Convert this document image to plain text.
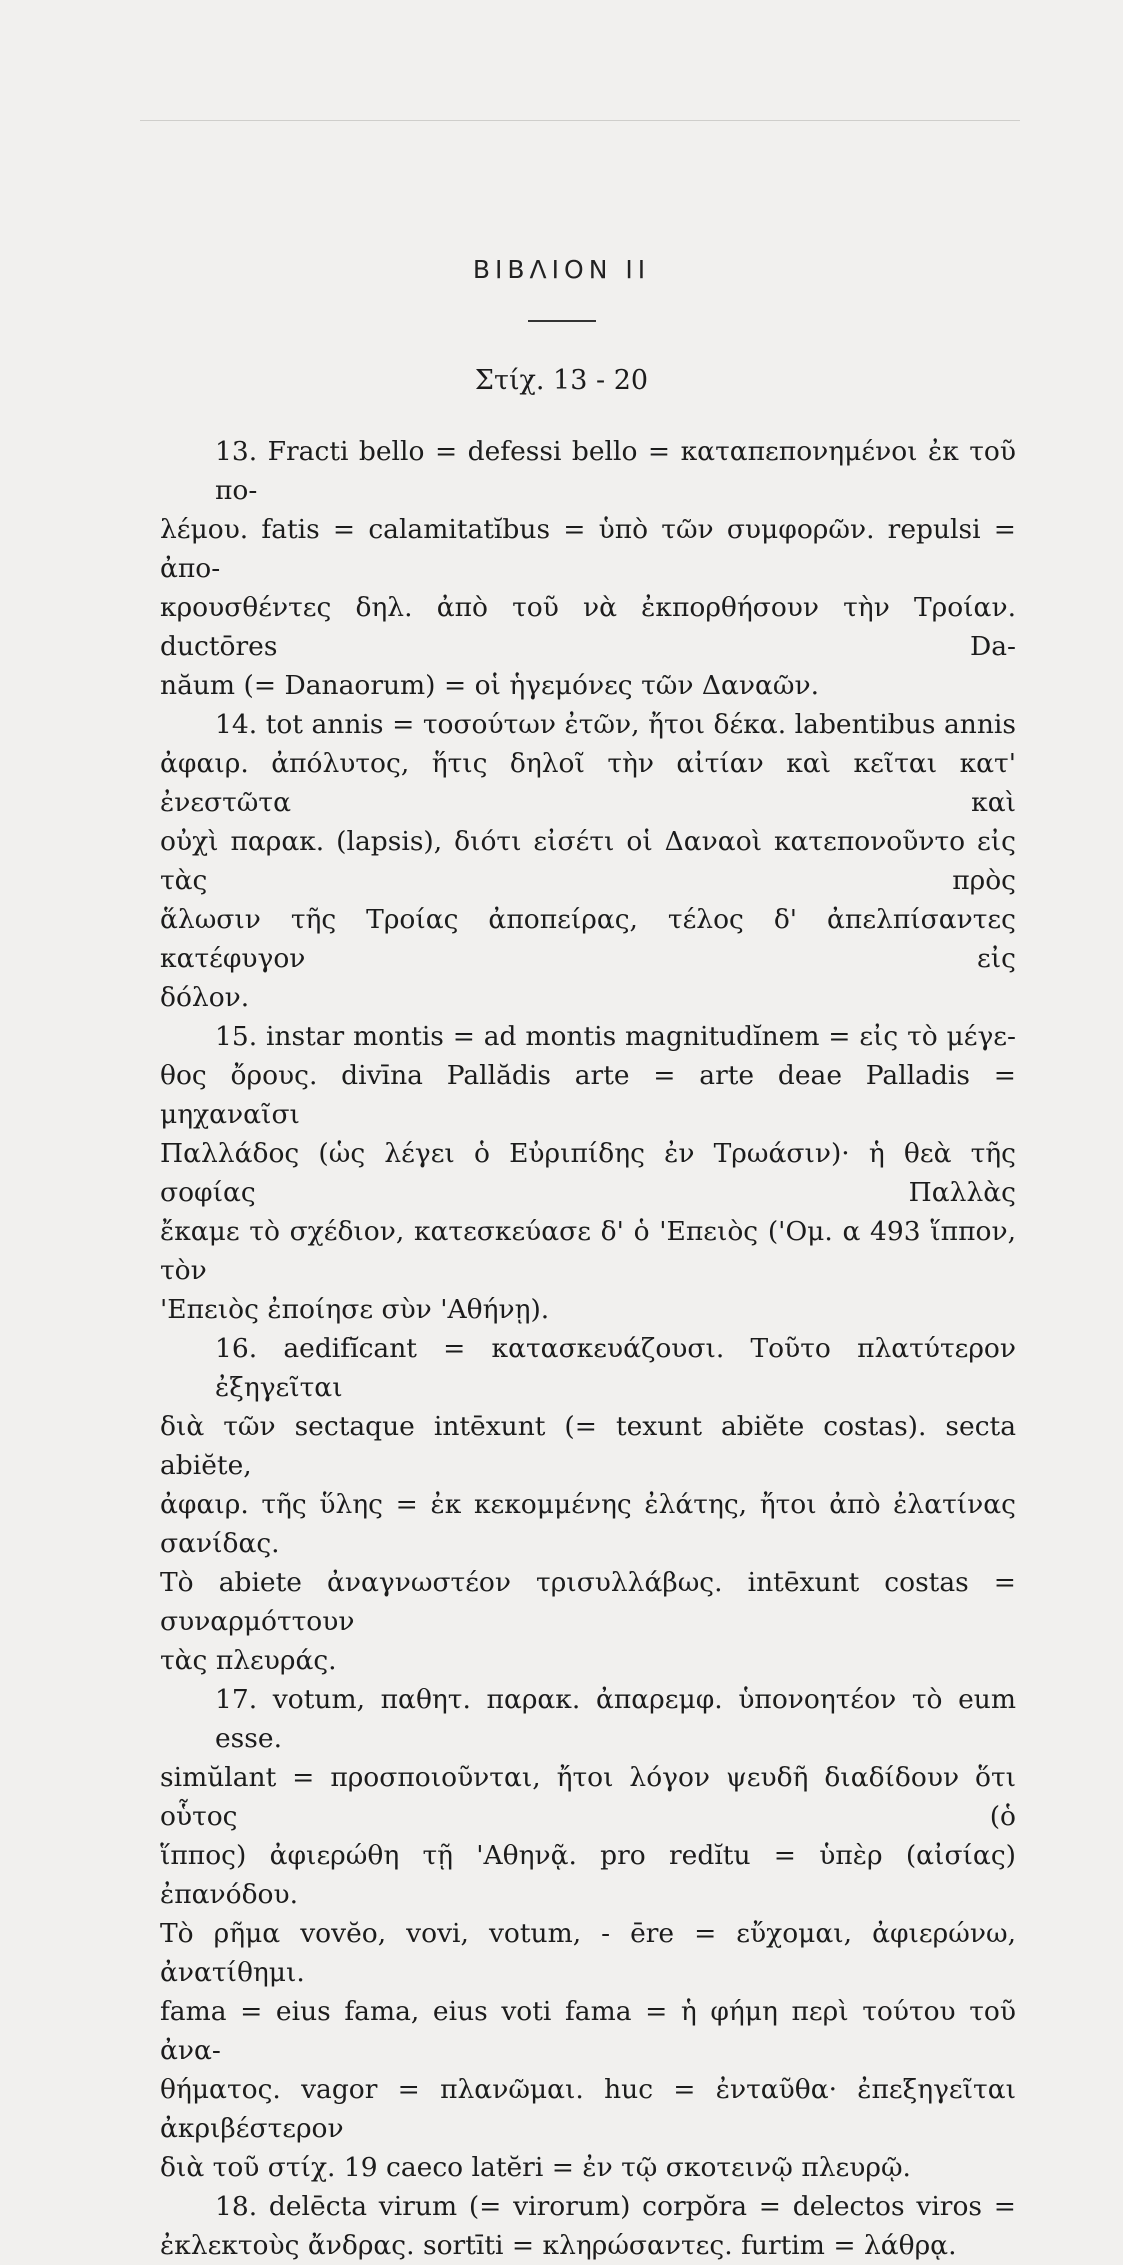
ΒΙΒΛΙΟΝ ΙΙ
Στίχ. 13 - 20
13. Fracti bello = defessi bello = καταπεπονημένοι ἐκ τοῦ πο-
λέμου. fatis = calamitatĭbus = ὑπὸ τῶν συμφορῶν. repulsi = ἀπο-
κρουσθέντες δηλ. ἀπὸ τοῦ νὰ ἐκπορθήσουν τὴν Τροίαν. ductōres Da-
năum (= Danaorum) = οἱ ἡγεμόνες τῶν Δαναῶν.
14. tot annis = τοσούτων ἐτῶν, ἤτοι δέκα. labentibus annis
ἀφαιρ. ἀπόλυτος, ἥτις δηλοῖ τὴν αἰτίαν καὶ κεῖται κατ' ἐνεστῶτα καὶ
οὐχὶ παρακ. (lapsis), διότι εἰσέτι οἱ Δαναοὶ κατεπονοῦντο εἰς τὰς πρὸς
ἅλωσιν τῆς Τροίας ἀποπείρας, τέλος δ' ἀπελπίσαντες κατέφυγον εἰς
δόλον.
15. instar montis = ad montis magnitudĭnem = εἰς τὸ μέγε-
θος ὄρους. divīna Pallădis arte = arte deae Palladis = μηχαναῖσι
Παλλάδος (ὡς λέγει ὁ Εὐριπίδης ἐν Τρωάσιν)· ἡ θεὰ τῆς σοφίας Παλλὰς
ἔκαμε τὸ σχέδιον, κατεσκεύασε δ' ὁ 'Επειὸς ('Ομ. α 493 ἵππον, τὸν
'Επειὸς ἐποίησε σὺν 'Αθήνῃ).
16. aedifĭcant = κατασκευάζουσι. Τοῦτο πλατύτερον ἐξηγεῖται
διὰ τῶν sectaque intēxunt (= texunt abiĕte costas). secta abiĕte,
ἀφαιρ. τῆς ὕλης = ἐκ κεκομμένης ἐλάτης, ἤτοι ἀπὸ ἐλατίνας σανίδας.
Τὸ abiete ἀναγνωστέον τρισυλλάβως. intēxunt costas = συναρμόττουν
τὰς πλευράς.
17. votum, παθητ. παρακ. ἀπαρεμφ. ὑπονοητέον τὸ eum esse.
simŭlant = προσποιοῦνται, ἤτοι λόγον ψευδῆ διαδίδουν ὅτι οὗτος (ὁ
ἵππος) ἀφιερώθη τῇ 'Αθηνᾷ. pro redĭtu = ὑπὲρ (αἰσίας) ἐπανόδου.
Τὸ ρῆμα vovĕo, vovi, votum, - ēre = εὔχομαι, ἀφιερώνω, ἀνατίθημι.
fama = eius fama, eius voti fama = ἡ φήμη περὶ τούτου τοῦ ἀνα-
θήματος. vagor = πλανῶμαι. huc = ἐνταῦθα· ἐπεξηγεῖται ἀκριβέστερον
διὰ τοῦ στίχ. 19 caeco latĕri = ἐν τῷ σκοτεινῷ πλευρῷ.
18. delēcta virum (= virorum) corpŏra = delectos viros =
ἐκλεκτοὺς ἄνδρας. sortīti = κληρώσαντες. furtim = λάθρᾳ.
